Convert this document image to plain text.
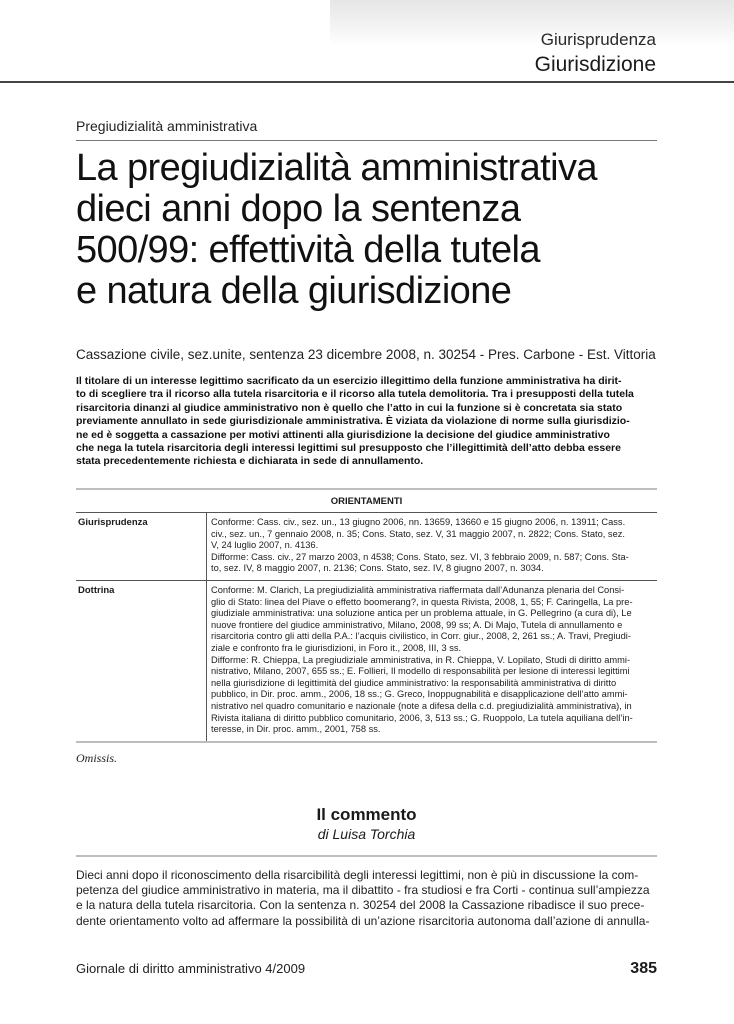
Giurisprudenza
Giurisdizione
Pregiudizialità amministrativa
La pregiudizialità amministrativa
dieci anni dopo la sentenza
500/99: effettività della tutela
e natura della giurisdizione
Cassazione civile, sez.unite, sentenza 23 dicembre 2008, n. 30254 - Pres. Carbone - Est. Vittoria
Il titolare di un interesse legittimo sacrificato da un esercizio illegittimo della funzione amministrativa ha dirit-
to di scegliere tra il ricorso alla tutela risarcitoria e il ricorso alla tutela demolitoria. Tra i presupposti della tutela
risarcitoria dinanzi al giudice amministrativo non è quello che l’atto in cui la funzione si è concretata sia stato
previamente annullato in sede giurisdizionale amministrativa. È viziata da violazione di norme sulla giurisdizio-
ne ed è soggetta a cassazione per motivi attinenti alla giurisdizione la decisione del giudice amministrativo
che nega la tutela risarcitoria degli interessi legittimi sul presupposto che l’illegittimità dell’atto debba essere
stata precedentemente richiesta e dichiarata in sede di annullamento.
ORIENTAMENTI
Giurisprudenza	Conforme: Cass. civ., sez. un., 13 giugno 2006, nn. 13659, 13660 e 15 giugno 2006, n. 13911; Cass.
civ., sez. un., 7 gennaio 2008, n. 35; Cons. Stato, sez. V, 31 maggio 2007, n. 2822; Cons. Stato, sez.
V, 24 luglio 2007, n. 4136.
Difforme: Cass. civ., 27 marzo 2003, n 4538; Cons. Stato, sez. VI, 3 febbraio 2009, n. 587; Cons. Sta-
to, sez. IV, 8 maggio 2007, n. 2136; Cons. Stato, sez. IV, 8 giugno 2007, n. 3034.
Dottrina	Conforme: M. Clarich, La pregiudizialità amministrativa riaffermata dall’Adunanza plenaria del Consi-
glio di Stato: linea del Piave o effetto boomerang?, in questa Rivista, 2008, 1, 55; F. Caringella, La pre-
giudiziale amministrativa: una soluzione antica per un problema attuale, in G. Pellegrino (a cura di), Le
nuove frontiere del giudice amministrativo, Milano, 2008, 99 ss; A. Di Majo, Tutela di annullamento e
risarcitoria contro gli atti della P.A.: l’acquis civilistico, in Corr. giur., 2008, 2, 261 ss.; A. Travi, Pregiudi-
ziale e confronto fra le giurisdizioni, in Foro it., 2008, III, 3 ss.
Difforme: R. Chieppa, La pregiudiziale amministrativa, in R. Chieppa, V. Lopilato, Studi di diritto ammi-
nistrativo, Milano, 2007, 655 ss.; E. Follieri, Il modello di responsabilità per lesione di interessi legittimi
nella giurisdizione di legittimità del giudice amministrativo: la responsabilità amministrativa di diritto
pubblico, in Dir. proc. amm., 2006, 18 ss.; G. Greco, Inoppugnabilità e disapplicazione dell’atto ammi-
nistrativo nel quadro comunitario e nazionale (note a difesa della c.d. pregiudizialità amministrativa), in
Rivista italiana di diritto pubblico comunitario, 2006, 3, 513 ss.; G. Ruoppolo, La tutela aquiliana dell’in-
teresse, in Dir. proc. amm., 2001, 758 ss.
Omissis.
Il commento
di Luisa Torchia
Dieci anni dopo il riconoscimento della risarcibilità degli interessi legittimi, non è più in discussione la com-
petenza del giudice amministrativo in materia, ma il dibattito - fra studiosi e fra Corti - continua sull’ampiezza
e la natura della tutela risarcitoria. Con la sentenza n. 30254 del 2008 la Cassazione ribadisce il suo prece-
dente orientamento volto ad affermare la possibilità di un’azione risarcitoria autonoma dall’azione di annulla-
Giornale di diritto amministrativo 4/2009	385
